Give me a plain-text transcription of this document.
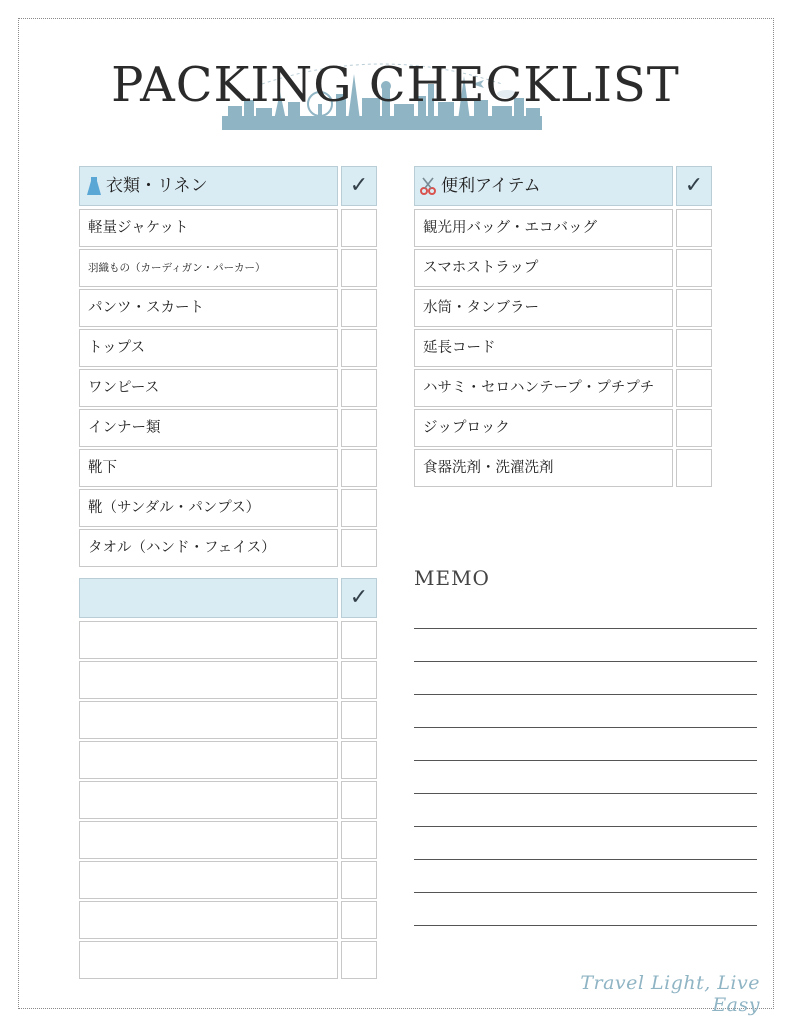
PACKING CHECKLIST
衣類・リネン	✓
軽量ジャケット
羽織もの（カーディガン・パーカー）
パンツ・スカート
トップス
ワンピース
インナー類
靴下
靴（サンダル・パンプス）
タオル（ハンド・フェイス）
便利アイテム	✓
観光用バッグ・エコバッグ
スマホストラップ
水筒・タンブラー
延長コード
ハサミ・セロハンテープ・プチプチ
ジップロック
食器洗剤・洗濯洗剤
✓
MEMO
Travel Light, Live Easy
